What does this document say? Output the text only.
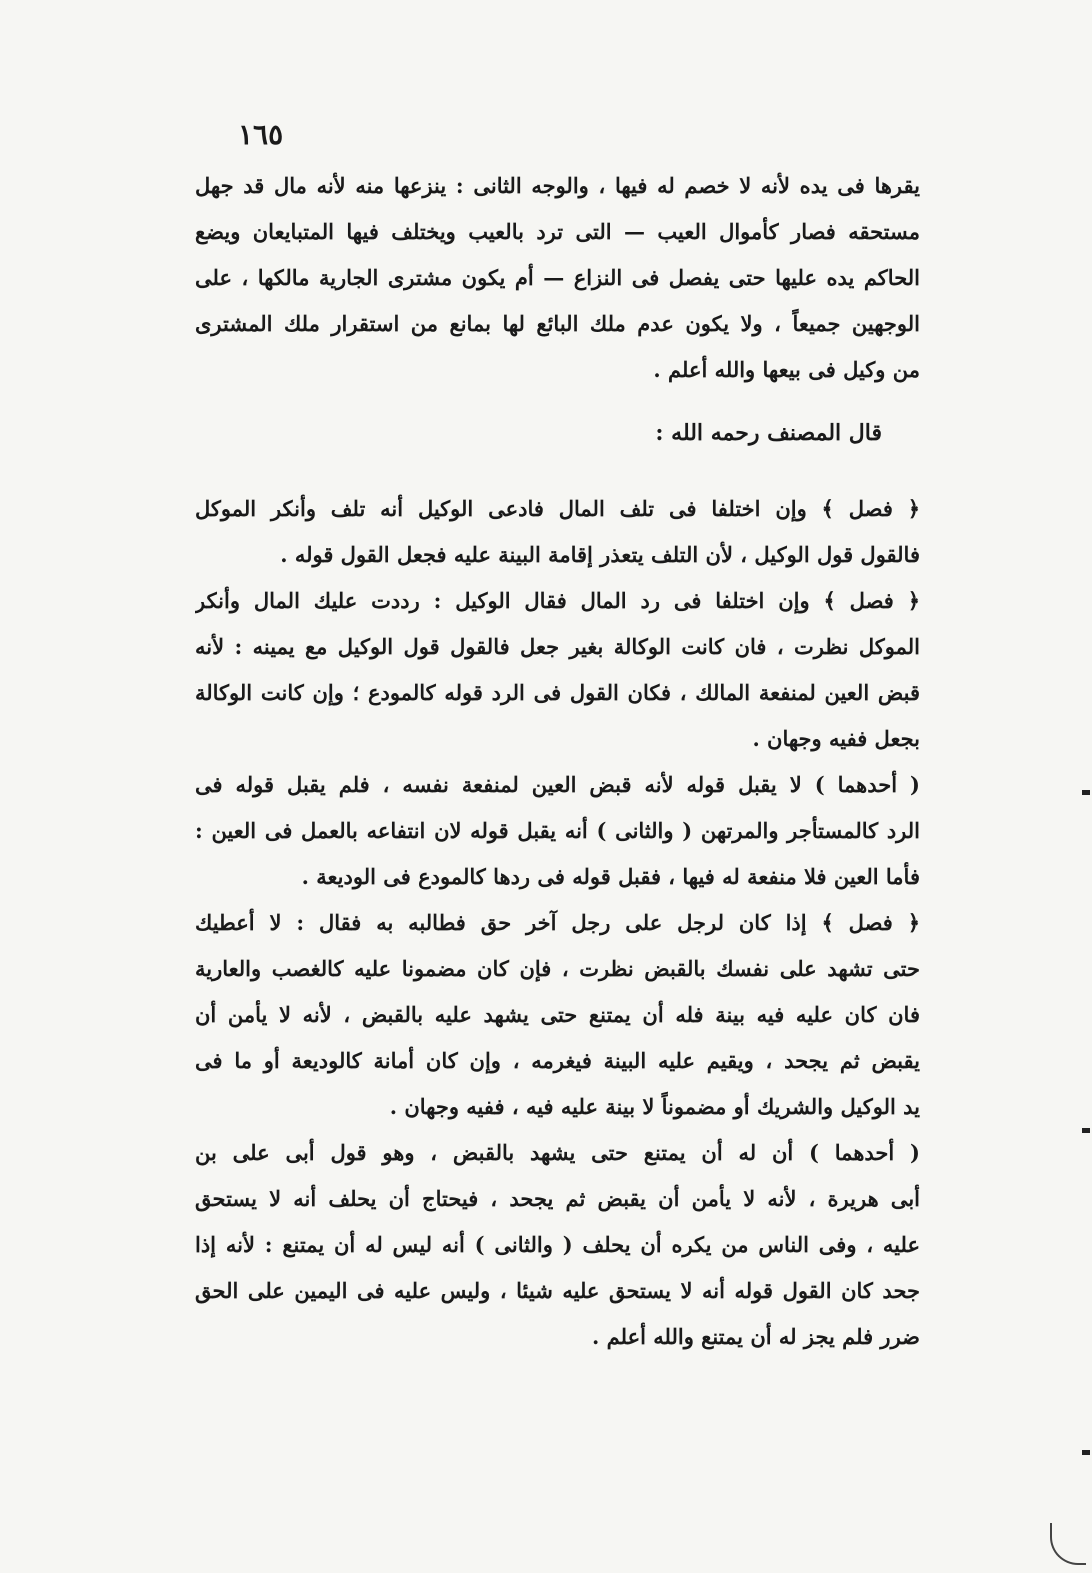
١٦٥
يقرها فى يده لأنه لا خصم له فيها ، والوجه الثانى : ينزعها منه لأنه مال قد جهل
مستحقه فصار كأموال العيب — التى ترد بالعيب ويختلف فيها المتبايعان ويضع
الحاكم يده عليها حتى يفصل فى النزاع — أم يكون مشترى الجارية مالكها ، على
الوجهين جميعاً ، ولا يكون عدم ملك البائع لها بمانع من استقرار ملك المشترى
من وكيل فى بيعها والله أعلم .
قال المصنف رحمه الله :
﴿ فصل ﴾ وإن اختلفا فى تلف المال فادعى الوكيل أنه تلف وأنكر الموكل
فالقول قول الوكيل ، لأن التلف يتعذر إقامة البينة عليه فجعل القول قوله .
﴿ فصل ﴾ وإن اختلفا فى رد المال فقال الوكيل : رددت عليك المال وأنكر
الموكل نظرت ، فان كانت الوكالة بغير جعل فالقول قول الوكيل مع يمينه : لأنه
قبض العين لمنفعة المالك ، فكان القول فى الرد قوله كالمودع ؛ وإن كانت الوكالة
بجعل ففيه وجهان .
( أحدهما ) لا يقبل قوله لأنه قبض العين لمنفعة نفسه ، فلم يقبل قوله فى
الرد كالمستأجر والمرتهن ( والثانى ) أنه يقبل قوله لان انتفاعه بالعمل فى العين :
فأما العين فلا منفعة له فيها ، فقبل قوله فى ردها كالمودع فى الوديعة .
﴿ فصل ﴾ إذا كان لرجل على رجل آخر حق فطالبه به فقال : لا أعطيك
حتى تشهد على نفسك بالقبض نظرت ، فإن كان مضمونا عليه كالغصب والعارية
فان كان عليه فيه بينة فله أن يمتنع حتى يشهد عليه بالقبض ، لأنه لا يأمن أن
يقبض ثم يجحد ، ويقيم عليه البينة فيغرمه ، وإن كان أمانة كالوديعة أو ما فى
يد الوكيل والشريك أو مضموناً لا بينة عليه فيه ، ففيه وجهان .
( أحدهما ) أن له أن يمتنع حتى يشهد بالقبض ، وهو قول أبى على بن
أبى هريرة ، لأنه لا يأمن أن يقبض ثم يجحد ، فيحتاج أن يحلف أنه لا يستحق
عليه ، وفى الناس من يكره أن يحلف ( والثانى ) أنه ليس له أن يمتنع : لأنه إذا
جحد كان القول قوله أنه لا يستحق عليه شيئا ، وليس عليه فى اليمين على الحق
ضرر فلم يجز له أن يمتنع والله أعلم .
